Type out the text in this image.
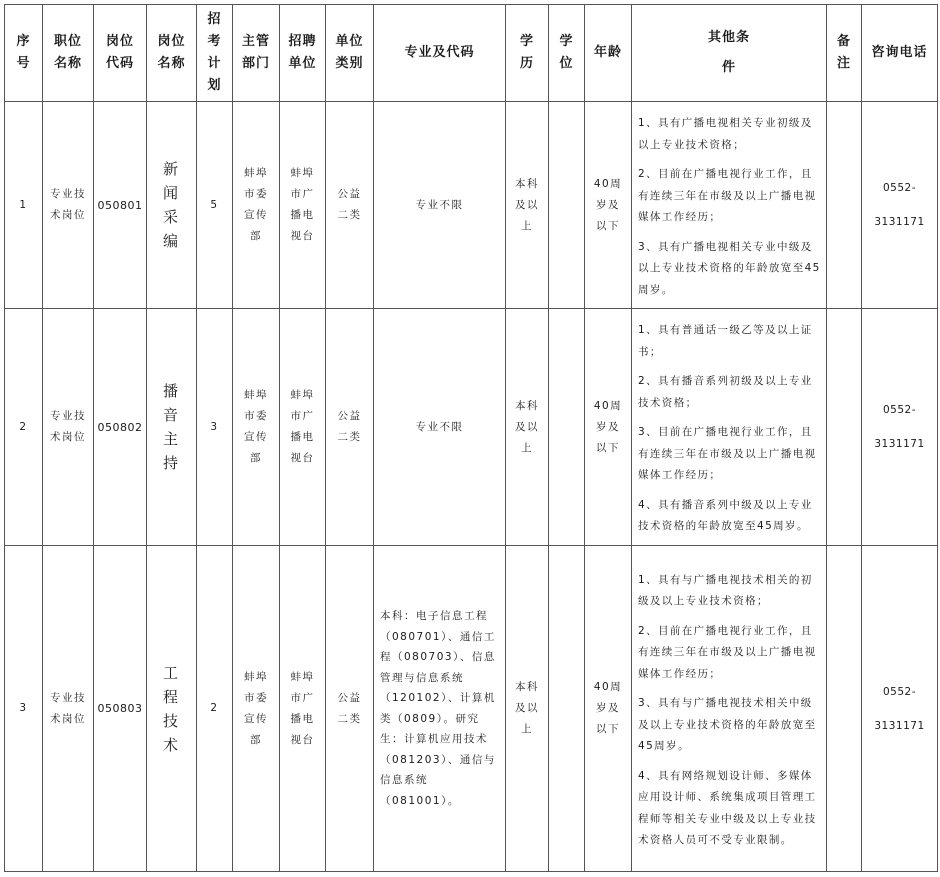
序号	职位名称	岗位代码	岗位名称	招考计划	主管部门	招聘单位	单位类别	专业及代码	学历	学位	年龄	其他条件	备注	咨询电话
1	专业技术岗位	050801	新闻采编	5	蚌埠市委宣传部	蚌埠市广播电视台	公益二类	专业不限	本科及以上		40周岁及以下	1、具有广播电视相关专业初级及以上专业技术资格；

2、目前在广播电视行业工作，且有连续三年在市级及以上广播电视媒体工作经历；

3、具有广播电视相关专业中级及以上专业技术资格的年龄放宽至45周岁。		0552-3131171
2	专业技术岗位	050802	播音主持	3	蚌埠市委宣传部	蚌埠市广播电视台	公益二类	专业不限	本科及以上		40周岁及以下	1、具有普通话一级乙等及以上证书；

2、具有播音系列初级及以上专业技术资格；

3、目前在广播电视行业工作，且有连续三年在市级及以上广播电视媒体工作经历；

4、具有播音系列中级及以上专业技术资格的年龄放宽至45周岁。		0552-3131171
3	专业技术岗位	050803	工程技术	2	蚌埠市委宣传部	蚌埠市广播电视台	公益二类	本科：电子信息工程（080701）、通信工程（080703）、信息管理与信息系统（120102）、计算机类（0809）。研究生：计算机应用技术（081203）、通信与信息系统（081001）。	本科及以上		40周岁及以下	1、具有与广播电视技术相关的初级及以上专业技术资格；

2、目前在广播电视行业工作，且有连续三年在市级及以上广播电视媒体工作经历；

3、具有与广播电视技术相关中级及以上专业技术资格的年龄放宽至45周岁。

4、具有网络规划设计师、多媒体应用设计师、系统集成项目管理工程师等相关专业中级及以上专业技术资格人员可不受专业限制。		0552-3131171
